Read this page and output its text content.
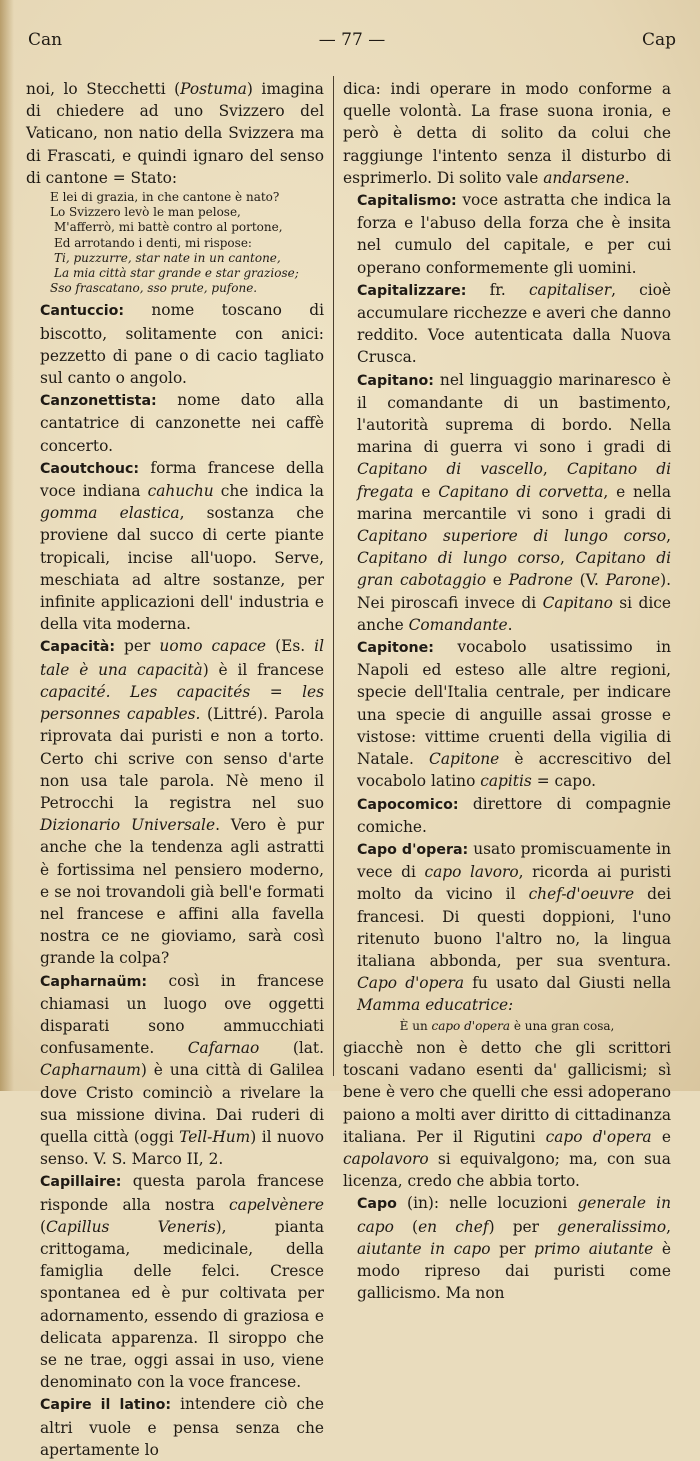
Can	— 77 —	Cap

noi, lo Stecchetti (Postuma) imagina di chiedere ad uno Svizzero del Vaticano, non natio della Svizzera ma di Frascati, e quindi ignaro del senso di cantone = Stato:

E lei di grazia, in che cantone è nato?
Lo Svizzero levò le man pelose,
M'afferrò, mi battè contro al portone,
Ed arrotando i denti, mi rispose:
Ti, puzzurre, star nate in un cantone,
La mia città star grande e star graziose;
Sso frascatano, sso prute, pufone.

Cantuccio: nome toscano di biscotto, solitamente con anici: pezzetto di pane o di cacio tagliato sul canto o angolo.

Canzonettista: nome dato alla cantatrice di canzonette nei caffè concerto.

Caoutchouc: forma francese della voce indiana cahuchu che indica la gomma elastica, sostanza che proviene dal succo di certe piante tropicali, incise all'uopo. Serve, meschiata ad altre sostanze, per infinite applicazioni dell' industria e della vita moderna.

Capacità: per uomo capace (Es. il tale è una capacità) è il francese capacité. Les capacités = les personnes capables. (Littré). Parola riprovata dai puristi e non a torto. Certo chi scrive con senso d'arte non usa tale parola. Nè meno il Petrocchi la registra nel suo Dizionario Universale. Vero è pur anche che la tendenza agli astratti è fortissima nel pensiero moderno, e se noi trovandoli già bell'e formati nel francese e affini alla favella nostra ce ne gioviamo, sarà così grande la colpa?

Capharnaüm: così in francese chiamasi un luogo ove oggetti disparati sono ammucchiati confusamente. Cafarnao (lat. Capharnaum) è una città di Galilea dove Cristo cominciò a rivelare la sua missione divina. Dai ruderi di quella città (oggi Tell-Hum) il nuovo senso. V. S. Marco II, 2.

Capillaire: questa parola francese risponde alla nostra capelvènere (Capillus Veneris), pianta crittogama, medicinale, della famiglia delle felci. Cresce spontanea ed è pur coltivata per adornamento, essendo di graziosa e delicata apparenza. Il siroppo che se ne trae, oggi assai in uso, viene denominato con la voce francese.

Capire il latino: intendere ciò che altri vuole e pensa senza che apertamente lo

dica: indi operare in modo conforme a quelle volontà. La frase suona ironia, e però è detta di solito da colui che raggiunge l'intento senza il disturbo di esprimerlo. Di solito vale andarsene.

Capitalismo: voce astratta che indica la forza e l'abuso della forza che è insita nel cumulo del capitale, e per cui operano conformemente gli uomini.

Capitalizzare: fr. capitaliser, cioè accumulare ricchezze e averi che danno reddito. Voce autenticata dalla Nuova Crusca.

Capitano: nel linguaggio marinaresco è il comandante di un bastimento, l'autorità suprema di bordo. Nella marina di guerra vi sono i gradi di Capitano di vascello, Capitano di fregata e Capitano di corvetta, e nella marina mercantile vi sono i gradi di Capitano superiore di lungo corso, Capitano di lungo corso, Capitano di gran cabotaggio e Padrone (V. Parone). Nei piroscafi invece di Capitano si dice anche Comandante.

Capitone: vocabolo usatissimo in Napoli ed esteso alle altre regioni, specie dell'Italia centrale, per indicare una specie di anguille assai grosse e vistose: vittime cruenti della vigilia di Natale. Capitone è accrescitivo del vocabolo latino capitis = capo.

Capocomico: direttore di compagnie comiche.

Capo d'opera: usato promiscuamente in vece di capo lavoro, ricorda ai puristi molto da vicino il chef-d'oeuvre dei francesi. Di questi doppioni, l'uno ritenuto buono l'altro no, la lingua italiana abbonda, per sua sventura. Capo d'opera fu usato dal Giusti nella Mamma educatrice:

È un capo d'opera è una gran cosa,

giacchè non è detto che gli scrittori toscani vadano esenti da' gallicismi; sì bene è vero che quelli che essi adoperano paiono a molti aver diritto di cittadinanza italiana. Per il Rigutini capo d'opera e capolavoro si equivalgono; ma, con sua licenza, credo che abbia torto.

Capo (in): nelle locuzioni generale in capo (en chef) per generalissimo, aiutante in capo per primo aiutante è modo ripreso dai puristi come gallicismo. Ma non
